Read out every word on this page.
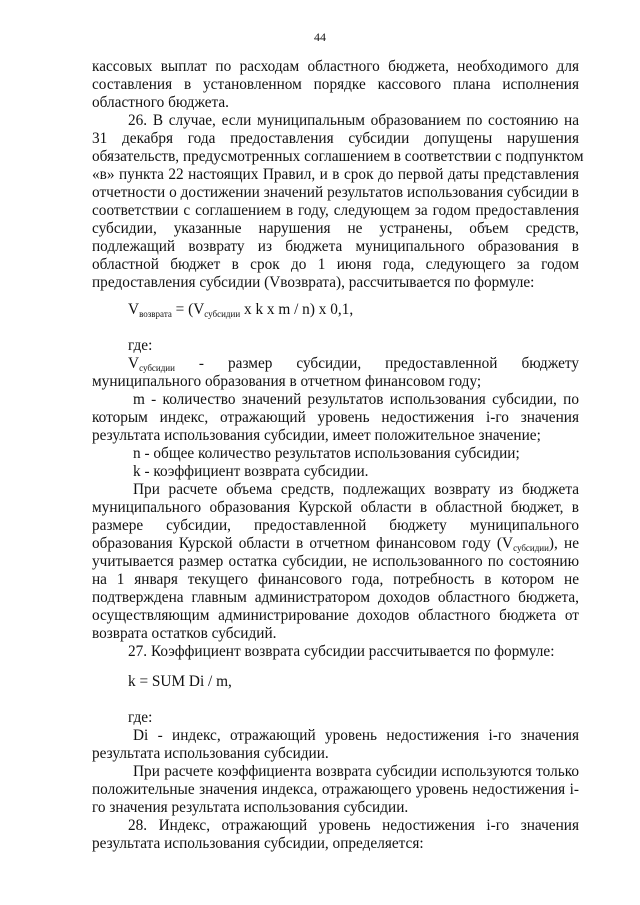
44
кассовых выплат по расходам областного бюджета, необходимого для
составления в установленном порядке кассового плана исполнения
областного бюджета.
26. В случае, если муниципальным образованием по состоянию на
31 декабря года предоставления субсидии допущены нарушения
обязательств, предусмотренных соглашением в соответствии с подпунктом
«в» пункта 22 настоящих Правил, и в срок до первой даты представления
отчетности о достижении значений результатов использования субсидии в
соответствии с соглашением в году, следующем за годом предоставления
субсидии, указанные нарушения не устранены, объем средств,
подлежащий возврату из бюджета муниципального образования в
областной бюджет в срок до 1 июня года, следующего за годом
предоставления субсидии (Vвозврата), рассчитывается по формуле:
$V_{возврата} = (V_{субсидии}$ x k x m / n) x 0,1,
где:
$V_{субсидии}$ - размер субсидии, предоставленной бюджету
муниципального образования в отчетном финансовом году;
m - количество значений результатов использования субсидии, по
которым индекс, отражающий уровень недостижения i-го значения
результата использования субсидии, имеет положительное значение;
n - общее количество результатов использования субсидии;
k - коэффициент возврата субсидии.
При расчете объема средств, подлежащих возврату из бюджета
муниципального образования Курской области в областной бюджет, в
размере субсидии, предоставленной бюджету муниципального
образования Курской области в отчетном финансовом году $(V_{субсидии})$, не
учитывается размер остатка субсидии, не использованного по состоянию
на 1 января текущего финансового года, потребность в котором не
подтверждена главным администратором доходов областного бюджета,
осуществляющим администрирование доходов областного бюджета от
возврата остатков субсидий.
27. Коэффициент возврата субсидии рассчитывается по формуле:
k = SUM Di / m,
где:
Di - индекс, отражающий уровень недостижения i-го значения
результата использования субсидии.
При расчете коэффициента возврата субсидии используются только
положительные значения индекса, отражающего уровень недостижения i-
го значения результата использования субсидии.
28. Индекс, отражающий уровень недостижения i-го значения
результата использования субсидии, определяется:
